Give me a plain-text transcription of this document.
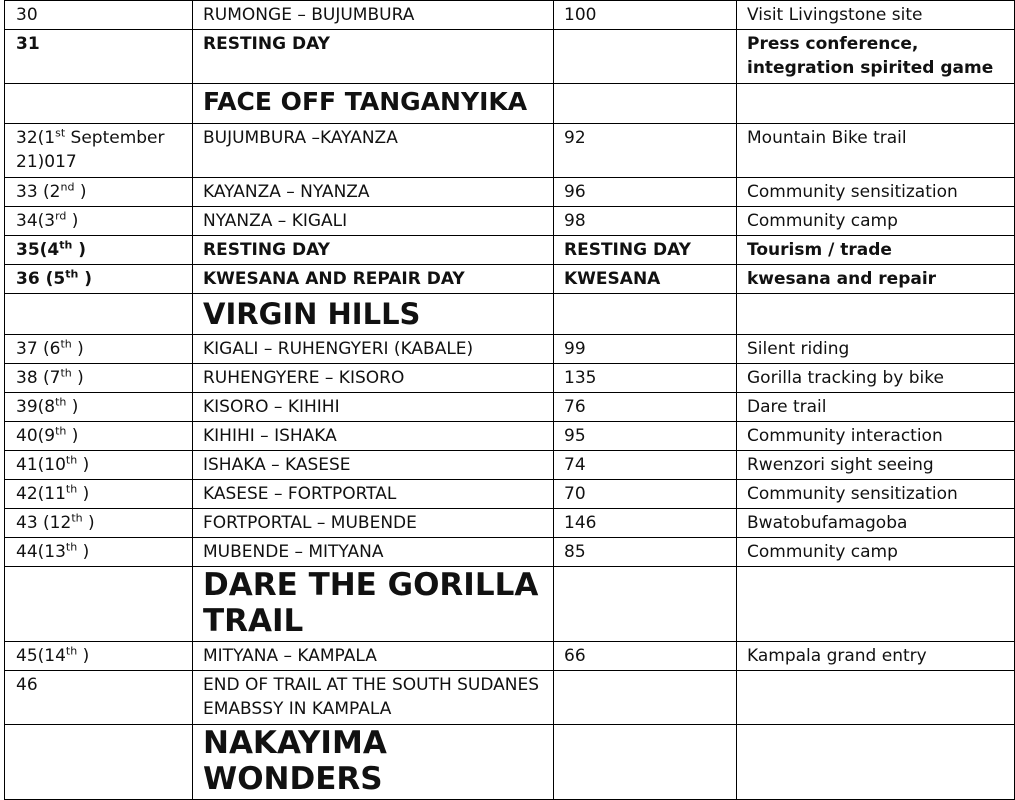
30	RUMONGE – BUJUMBURA	100	Visit Livingstone site
31	RESTING DAY		Press conference, integration spirited game
	FACE OFF TANGANYIKA		
32(1st September 21)017	BUJUMBURA –KAYANZA	92	Mountain Bike trail
33 (2nd )	KAYANZA – NYANZA	96	Community sensitization
34(3rd )	NYANZA – KIGALI	98	Community camp
35(4th )	RESTING DAY	RESTING DAY	Tourism / trade
36 (5th )	KWESANA AND REPAIR DAY	KWESANA	kwesana and repair
	VIRGIN HILLS		
37 (6th )	KIGALI – RUHENGYERI (KABALE)	99	Silent riding
38 (7th )	RUHENGYERE – KISORO	135	Gorilla tracking by bike
39(8th )	KISORO – KIHIHI	76	Dare trail
40(9th )	KIHIHI – ISHAKA	95	Community interaction
41(10th )	ISHAKA – KASESE	74	Rwenzori sight seeing
42(11th )	KASESE – FORTPORTAL	70	Community sensitization
43 (12th )	FORTPORTAL – MUBENDE	146	Bwatobufamagoba
44(13th )	MUBENDE – MITYANA	85	Community camp
	DARE THE GORILLA TRAIL		
45(14th )	MITYANA – KAMPALA	66	Kampala grand entry
46	END OF TRAIL AT THE SOUTH SUDANES EMABSSY IN KAMPALA		
	NAKAYIMA WONDERS		
